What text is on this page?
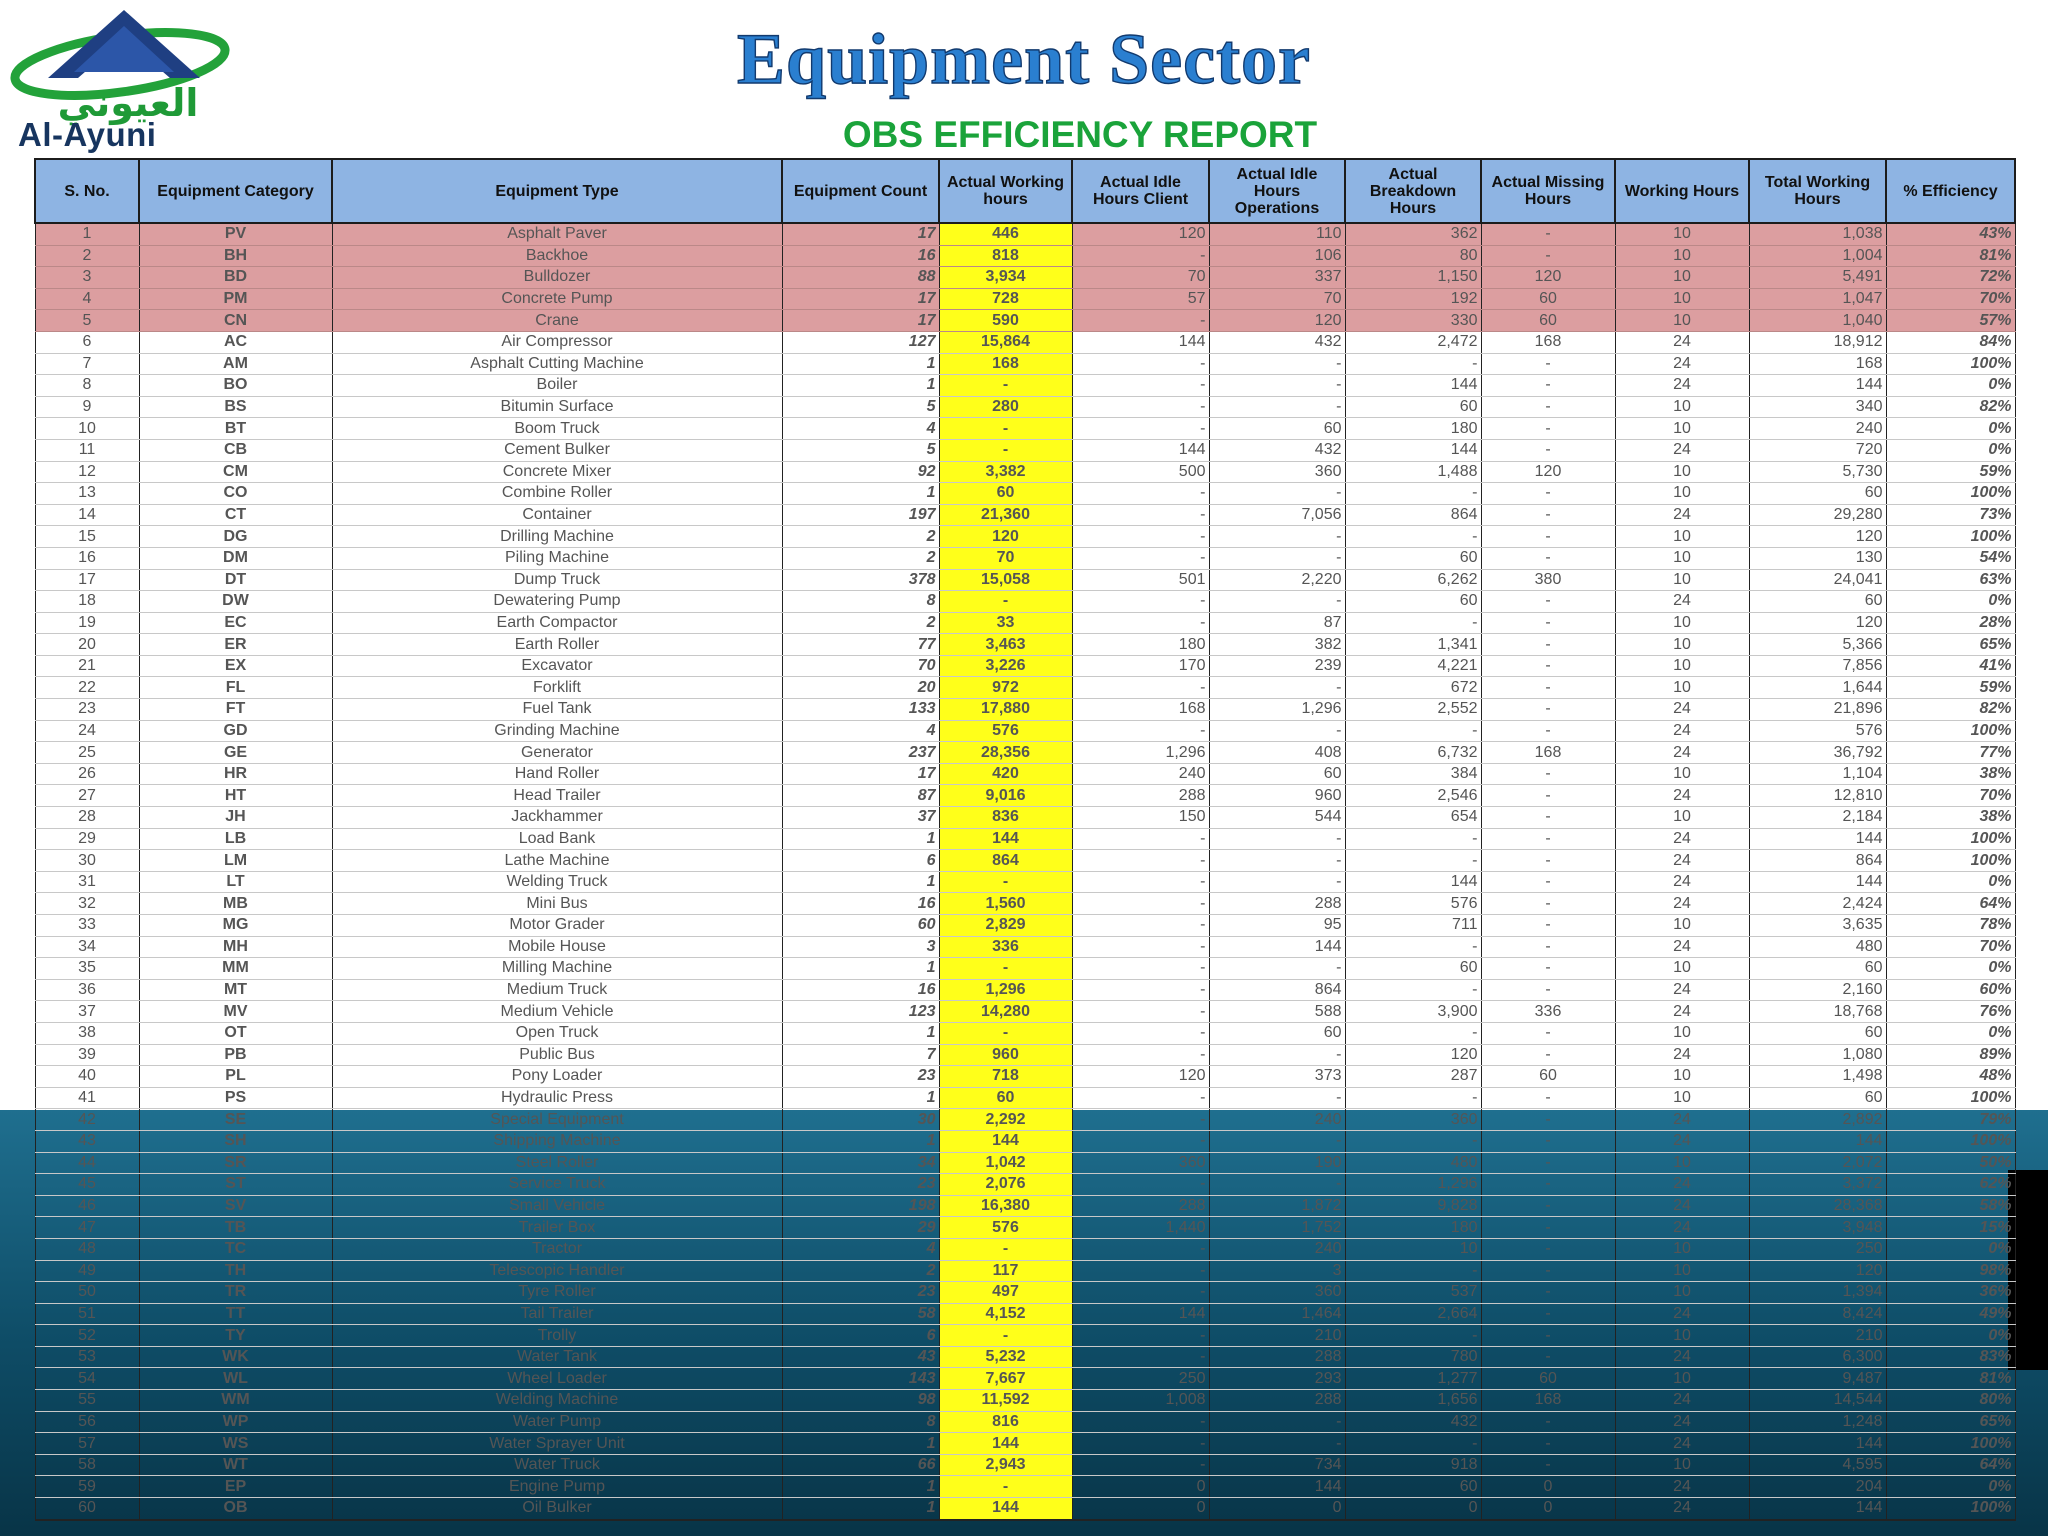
العيوني
Al-Ayuni
Equipment Sector
OBS EFFICIENCY REPORT
S. No.	Equipment Category	Equipment Type	Equipment Count	Actual Working hours	Actual Idle Hours Client	Actual Idle Hours Operations	Actual Breakdown Hours	Actual Missing Hours	Working Hours	Total Working Hours	% Efficiency
1	PV	Asphalt Paver	17	446	120	110	362	-	10	1,038	43%
2	BH	Backhoe	16	818	-	106	80	-	10	1,004	81%
3	BD	Bulldozer	88	3,934	70	337	1,150	120	10	5,491	72%
4	PM	Concrete Pump	17	728	57	70	192	60	10	1,047	70%
5	CN	Crane	17	590	-	120	330	60	10	1,040	57%
6	AC	Air Compressor	127	15,864	144	432	2,472	168	24	18,912	84%
7	AM	Asphalt Cutting Machine	1	168	-	-	-	-	24	168	100%
8	BO	Boiler	1	-	-	-	144	-	24	144	0%
9	BS	Bitumin Surface	5	280	-	-	60	-	10	340	82%
10	BT	Boom Truck	4	-	-	60	180	-	10	240	0%
11	CB	Cement Bulker	5	-	144	432	144	-	24	720	0%
12	CM	Concrete Mixer	92	3,382	500	360	1,488	120	10	5,730	59%
13	CO	Combine Roller	1	60	-	-	-	-	10	60	100%
14	CT	Container	197	21,360	-	7,056	864	-	24	29,280	73%
15	DG	Drilling Machine	2	120	-	-	-	-	10	120	100%
16	DM	Piling Machine	2	70	-	-	60	-	10	130	54%
17	DT	Dump Truck	378	15,058	501	2,220	6,262	380	10	24,041	63%
18	DW	Dewatering Pump	8	-	-	-	60	-	24	60	0%
19	EC	Earth Compactor	2	33	-	87	-	-	10	120	28%
20	ER	Earth Roller	77	3,463	180	382	1,341	-	10	5,366	65%
21	EX	Excavator	70	3,226	170	239	4,221	-	10	7,856	41%
22	FL	Forklift	20	972	-	-	672	-	10	1,644	59%
23	FT	Fuel Tank	133	17,880	168	1,296	2,552	-	24	21,896	82%
24	GD	Grinding Machine	4	576	-	-	-	-	24	576	100%
25	GE	Generator	237	28,356	1,296	408	6,732	168	24	36,792	77%
26	HR	Hand Roller	17	420	240	60	384	-	10	1,104	38%
27	HT	Head Trailer	87	9,016	288	960	2,546	-	24	12,810	70%
28	JH	Jackhammer	37	836	150	544	654	-	10	2,184	38%
29	LB	Load Bank	1	144	-	-	-	-	24	144	100%
30	LM	Lathe Machine	6	864	-	-	-	-	24	864	100%
31	LT	Welding Truck	1	-	-	-	144	-	24	144	0%
32	MB	Mini Bus	16	1,560	-	288	576	-	24	2,424	64%
33	MG	Motor Grader	60	2,829	-	95	711	-	10	3,635	78%
34	MH	Mobile House	3	336	-	144	-	-	24	480	70%
35	MM	Milling Machine	1	-	-	-	60	-	10	60	0%
36	MT	Medium Truck	16	1,296	-	864	-	-	24	2,160	60%
37	MV	Medium Vehicle	123	14,280	-	588	3,900	336	24	18,768	76%
38	OT	Open Truck	1	-	-	60	-	-	10	60	0%
39	PB	Public Bus	7	960	-	-	120	-	24	1,080	89%
40	PL	Pony Loader	23	718	120	373	287	60	10	1,498	48%
41	PS	Hydraulic Press	1	60	-	-	-	-	10	60	100%
42	SE	Special Equipment	30	2,292	-	240	360	-	24	2,892	79%
43	SH	Shipping Machine	1	144	-	-	-	-	24	144	100%
44	SR	Steel Roller	34	1,042	360	190	480	-	10	2,072	50%
45	ST	Service Truck	23	2,076	-	-	1,296	-	24	3,372	62%
46	SV	Small Vehicle	198	16,380	288	1,872	9,828	-	24	28,368	58%
47	TB	Trailer Box	29	576	1,440	1,752	180	-	24	3,948	15%
48	TC	Tractor	4	-	-	240	10	-	10	250	0%
49	TH	Telescopic Handler	2	117	-	3	-	-	10	120	98%
50	TR	Tyre Roller	23	497	-	360	537	-	10	1,394	36%
51	TT	Tail Trailer	58	4,152	144	1,464	2,664	-	24	8,424	49%
52	TY	Trolly	6	-	-	210	-	-	10	210	0%
53	WK	Water Tank	43	5,232	-	288	780	-	24	6,300	83%
54	WL	Wheel Loader	143	7,667	250	293	1,277	60	10	9,487	81%
55	WM	Welding Machine	98	11,592	1,008	288	1,656	168	24	14,544	80%
56	WP	Water Pump	8	816	-	-	432	-	24	1,248	65%
57	WS	Water Sprayer Unit	1	144	-	-	-	-	24	144	100%
58	WT	Water Truck	66	2,943	-	734	918	-	10	4,595	64%
59	EP	Engine Pump	1	-	0	144	60	0	24	204	0%
60	OB	Oil Bulker	1	144	0	0	0	0	24	144	100%
